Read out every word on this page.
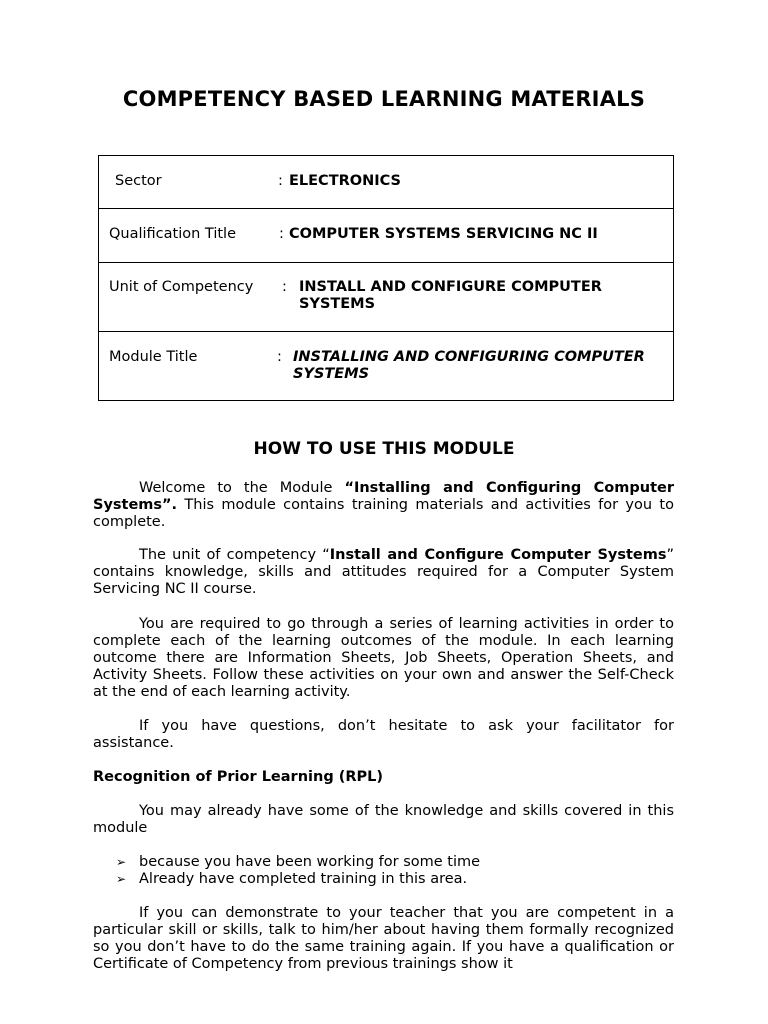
COMPETENCY BASED LEARNING MATERIALS
Sector	: ELECTRONICS
Qualification Title	: COMPUTER SYSTEMS SERVICING NC II
Unit of Competency : INSTALL AND CONFIGURE COMPUTER
SYSTEMS
Module Title	: INSTALLING AND CONFIGURING COMPUTER
SYSTEMS
HOW TO USE THIS MODULE

Welcome to the Module “Installing and Configuring Computer Systems”. This module contains training materials and activities for you to complete.

The unit of competency “Install and Configure Computer Systems” contains knowledge, skills and attitudes required for a Computer System Servicing NC II course.

You are required to go through a series of learning activities in order to complete each of the learning outcomes of the module. In each learning outcome there are Information Sheets, Job Sheets, Operation Sheets, and Activity Sheets. Follow these activities on your own and answer the Self-Check at the end of each learning activity.

If you have questions, don’t hesitate to ask your facilitator for assistance.

Recognition of Prior Learning (RPL)

You may already have some of the knowledge and skills covered in this module

➢ because you have been working for some time
➢ Already have completed training in this area.

If you can demonstrate to your teacher that you are competent in a particular skill or skills, talk to him/her about having them formally recognized so you don’t have to do the same training again. If you have a qualification or Certificate of Competency from previous trainings show it
